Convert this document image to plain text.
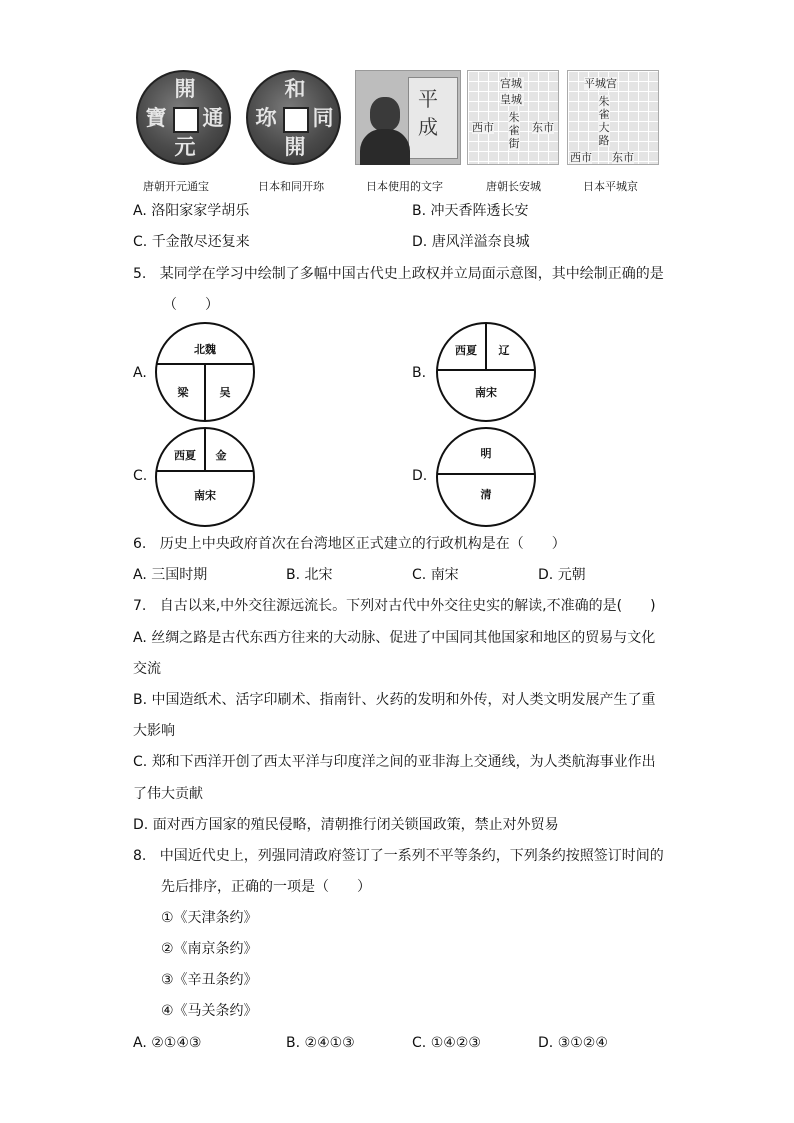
開
元
通
寶
和
同
開
珎
平
成
宫城
皇城
西市	东市
朱雀街
平城宫
朱雀大路
西市 东市
唐朝开元通宝	日本和同开珎	日本使用的文字	唐朝长安城	日本平城京
A. 洛阳家家学胡乐	B. 冲天香阵透长安
C. 千金散尽还复来	D. 唐风洋溢奈良城
5. 某同学在学习中绘制了多幅中国古代史上政权并立局面示意图，其中绘制正确的是
（　　）
A.
北魏
梁	吴
B.
西夏 辽
南宋
C.
西夏 金
南宋
D.
明
清
6. 历史上中央政府首次在台湾地区正式建立的行政机构是在（　　）
A. 三国时期	B. 北宋	C. 南宋	D. 元朝
7. 自古以来,中外交往源远流长。下列对古代中外交往史实的解读,不准确的是(　　)
A. 丝绸之路是古代东西方往来的大动脉、促进了中国同其他国家和地区的贸易与文化
交流
B. 中国造纸术、活字印刷术、指南针、火药的发明和外传，对人类文明发展产生了重
大影响
C. 郑和下西洋开创了西太平洋与印度洋之间的亚非海上交通线，为人类航海事业作出
了伟大贡献
D. 面对西方国家的殖民侵略，清朝推行闭关锁国政策，禁止对外贸易
8. 中国近代史上，列强同清政府签订了一系列不平等条约，下列条约按照签订时间的
先后排序，正确的一项是（　　）
①《天津条约》
②《南京条约》
③《辛丑条约》
④《马关条约》
A. ②①④③	B. ②④①③	C. ①④②③	D. ③①②④
